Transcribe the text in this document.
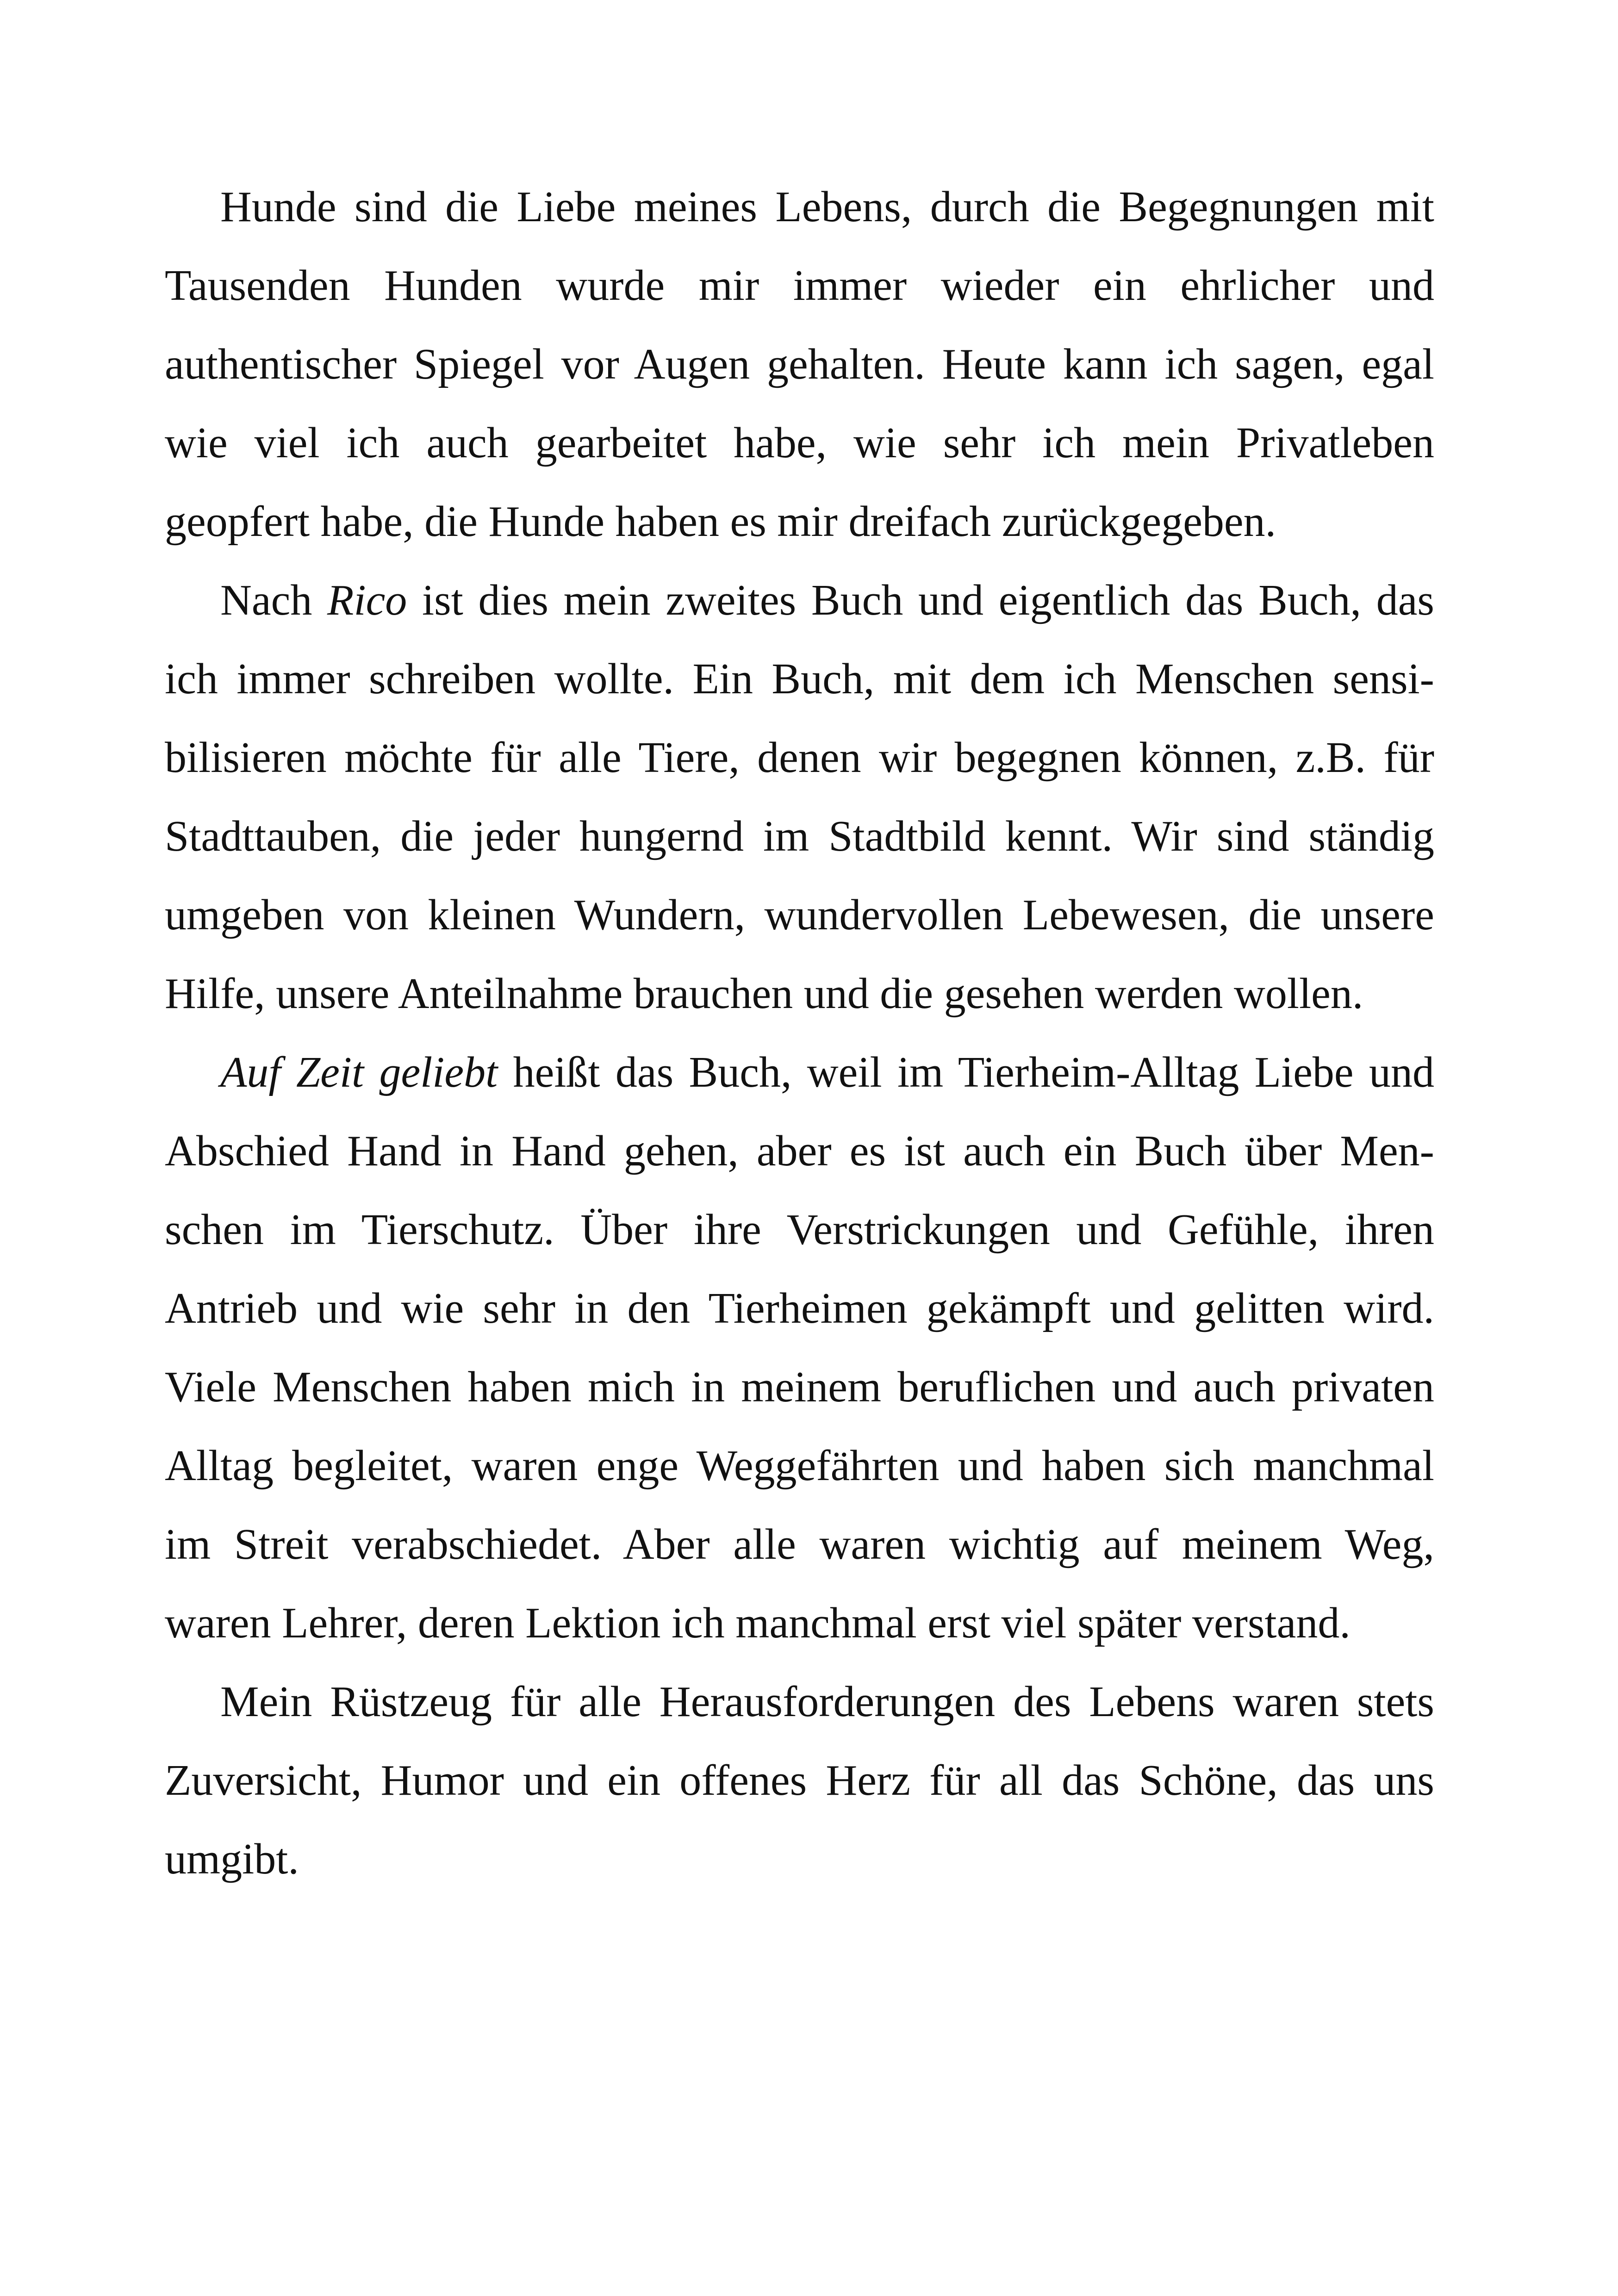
Hunde sind die Liebe meines Lebens, durch die Begegnungen mit
Tausenden Hunden wurde mir immer wieder ein ehrlicher und
authentischer Spiegel vor Augen gehalten. Heute kann ich sagen, egal
wie viel ich auch gearbeitet habe, wie sehr ich mein Privatleben
geopfert habe, die Hunde haben es mir dreifach zurückgegeben.
Nach Rico ist dies mein zweites Buch und eigentlich das Buch, das
ich immer schreiben wollte. Ein Buch, mit dem ich Menschen sensi-
bilisieren möchte für alle Tiere, denen wir begegnen können, z.B. für
Stadttauben, die jeder hungernd im Stadtbild kennt. Wir sind ständig
umgeben von kleinen Wundern, wundervollen Lebewesen, die unsere
Hilfe, unsere Anteilnahme brauchen und die gesehen werden wollen.
Auf Zeit geliebt heißt das Buch, weil im Tierheim-Alltag Liebe und
Abschied Hand in Hand gehen, aber es ist auch ein Buch über Men-
schen im Tierschutz. Über ihre Verstrickungen und Gefühle, ihren
Antrieb und wie sehr in den Tierheimen gekämpft und gelitten wird.
Viele Menschen haben mich in meinem beruflichen und auch privaten
Alltag begleitet, waren enge Weggefährten und haben sich manchmal
im Streit verabschiedet. Aber alle waren wichtig auf meinem Weg,
waren Lehrer, deren Lektion ich manchmal erst viel später verstand.
Mein Rüstzeug für alle Herausforderungen des Lebens waren stets
Zuversicht, Humor und ein offenes Herz für all das Schöne, das uns
umgibt.
